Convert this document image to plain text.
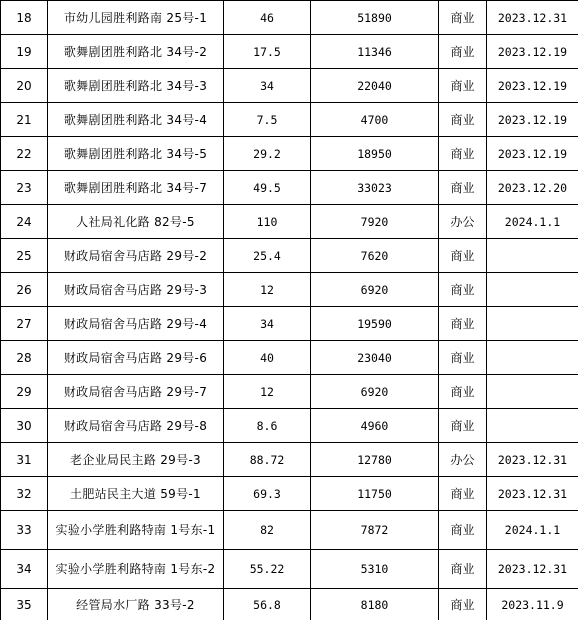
18	市幼儿园胜利路南 25号-1	46	51890	商业	2023.12.31
19	歌舞剧团胜利路北 34号-2	17.5	11346	商业	2023.12.19
20	歌舞剧团胜利路北 34号-3	34	22040	商业	2023.12.19
21	歌舞剧团胜利路北 34号-4	7.5	4700	商业	2023.12.19
22	歌舞剧团胜利路北 34号-5	29.2	18950	商业	2023.12.19
23	歌舞剧团胜利路北 34号-7	49.5	33023	商业	2023.12.20
24	人社局礼化路 82号-5	110	7920	办公	2024.1.1
25	财政局宿舍马店路 29号-2	25.4	7620	商业	
26	财政局宿舍马店路 29号-3	12	6920	商业	
27	财政局宿舍马店路 29号-4	34	19590	商业	
28	财政局宿舍马店路 29号-6	40	23040	商业	
29	财政局宿舍马店路 29号-7	12	6920	商业	
30	财政局宿舍马店路 29号-8	8.6	4960	商业	
31	老企业局民主路 29号-3	88.72	12780	办公	2023.12.31
32	土肥站民主大道 59号-1	69.3	11750	商业	2023.12.31
33	实验小学胜利路特南 1号东-1	82	7872	商业	2024.1.1
34	实验小学胜利路特南 1号东-2	55.22	5310	商业	2023.12.31
35	经管局水厂路 33号-2	56.8	8180	商业	2023.11.9
